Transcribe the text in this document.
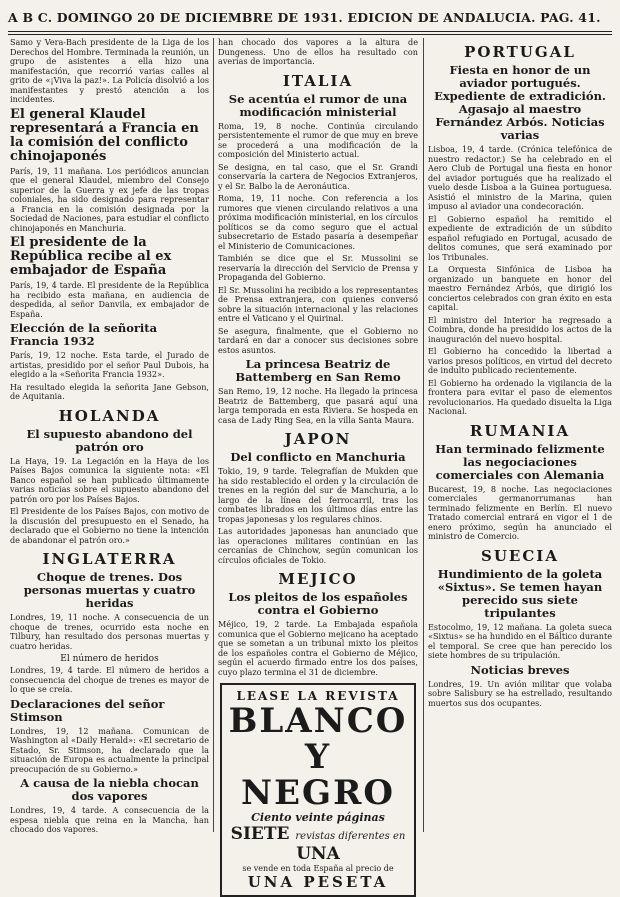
A B C. DOMINGO 20 DE DICIEMBRE DE 1931. EDICION DE ANDALUCIA. PAG. 41.

Samo y Vera-Bach presidente de la Liga de los Derechos del Hombre. Terminada la reunión, un grupo de asistentes a ella hizo una manifestación, que recorrió varias calles al grito de «¡Viva la paz!». La Policía disolvió a los manifestantes y prestó atención a los incidentes.

El general Klaudel representará a Francia en la comisión del conflicto chinojaponés

París, 19, 11 mañana. Los periódicos anuncian que el general Klaudel, miembro del Consejo superior de la Guerra y ex jefe de las tropas coloniales, ha sido designado para representar a Francia en la comisión designada por la Sociedad de Naciones, para estudiar el conflicto chinojaponés en Manchuria.

El presidente de la República recibe al ex embajador de España

París, 19, 4 tarde. El presidente de la República ha recibido esta mañana, en audiencia de despedida, al señor Danvila, ex embajador de España.

Elección de la señorita Francia 1932

París, 19, 12 noche. Esta tarde, el Jurado de artistas, presidido por el señor Paul Dubois, ha elegido a la «Señorita Francia 1932».

Ha resultado elegida la señorita Jane Gebson, de Aquitania.

HOLANDA
El supuesto abandono del patrón oro

La Haya, 19. La Legación en la Haya de los Países Bajos comunica la siguiente nota: «El Banco español se han publicado últimamente varias noticias sobre el supuesto abandono del patrón oro por los Países Bajos.

El Presidente de los Países Bajos, con motivo de la discusión del presupuesto en el Senado, ha declarado que el Gobierno no tiene la intención de abandonar el patrón oro.»

INGLATERRA
Choque de trenes. Dos personas muertas y cuatro heridas

Londres, 19, 11 noche. A consecuencia de un choque de trenes, ocurrido esta noche en Tilbury, han resultado dos personas muertas y cuatro heridas.

El número de heridos

Londres, 19, 4 tarde. El número de heridos a consecuencia del choque de trenes es mayor de lo que se creía.

Declaraciones del señor Stimson

Londres, 19, 12 mañana. Comunican de Washington al «Daily Herald»: «El secretario de Estado, Sr. Stimson, ha declarado que la situación de Europa es actualmente la principal preocupación de su Gobierno.»

A causa de la niebla chocan dos vapores

Londres, 19, 4 tarde. A consecuencia de la espesa niebla que reina en la Mancha, han chocado dos vapores.

han chocado dos vapores a la altura de Dungeness. Uno de ellos ha resultado con averías de importancia.

ITALIA
Se acentúa el rumor de una modificación ministerial

Roma, 19, 8 noche. Continúa circulando persistentemente el rumor de que muy en breve se procederá a una modificación de la composición del Ministerio actual.

Se designa, en tal caso, que el Sr. Grandi conservaría la cartera de Negocios Extranjeros, y el Sr. Balbo la de Aeronáutica.

Roma, 19, 11 noche. Con referencia a los rumores que vienen circulando relativos a una próxima modificación ministerial, en los círculos políticos se da como seguro que el actual subsecretario de Estado pasaría a desempeñar el Ministerio de Comunicaciones.

También se dice que el Sr. Mussolini se reservaría la dirección del Servicio de Prensa y Propaganda del Gobierno.

El Sr. Mussolini ha recibido a los representantes de Prensa extranjera, con quienes conversó sobre la situación internacional y las relaciones entre el Vaticano y el Quirinal.

Se asegura, finalmente, que el Gobierno no tardará en dar a conocer sus decisiones sobre estos asuntos.

La princesa Beatriz de Battemberg en San Remo

San Remo, 19, 12 noche. Ha llegado la princesa Beatriz de Battemberg, que pasará aquí una larga temporada en esta Riviera. Se hospeda en casa de Lady Ring Sea, en la villa Santa Maura.

JAPON
Del conflicto en Manchuria

Tokio, 19, 9 tarde. Telegrafían de Mukden que ha sido restablecido el orden y la circulación de trenes en la región del sur de Manchuria, a lo largo de la línea del ferrocarril, tras los combates librados en los últimos días entre las tropas japonesas y los regulares chinos.

Las autoridades japonesas han anunciado que las operaciones militares continúan en las cercanías de Chinchow, según comunican los círculos oficiales de Tokio.

MEJICO
Los pleitos de los españoles contra el Gobierno

Méjico, 19, 2 tarde. La Embajada española comunica que el Gobierno mejicano ha aceptado que se sometan a un tribunal mixto los pleitos de los españoles contra el Gobierno de Méjico, según el acuerdo firmado entre los dos países, cuyo plazo termina el 31 de diciembre.

LEASE LA REVISTA
BLANCO
Y NEGRO
Ciento veinte páginas
SIETE revistas diferentes en UNA
se vende en toda España al precio de
UNA PESETA
PORTUGAL
Fiesta en honor de un aviador portugués. Expediente de extradición. Agasajo al maestro Fernández Arbós. Noticias varias

Lisboa, 19, 4 tarde. (Crónica telefónica de nuestro redactor.) Se ha celebrado en el Aero Club de Portugal una fiesta en honor del aviador portugués que ha realizado el vuelo desde Lisboa a la Guinea portuguesa. Asistió el ministro de la Marina, quien impuso al aviador una condecoración.

El Gobierno español ha remitido el expediente de extradición de un súbdito español refugiado en Portugal, acusado de delitos comunes, que será examinado por los Tribunales.

La Orquesta Sinfónica de Lisboa ha organizado un banquete en honor del maestro Fernández Arbós, que dirigió los conciertos celebrados con gran éxito en esta capital.

El ministro del Interior ha regresado a Coimbra, donde ha presidido los actos de la inauguración del nuevo hospital.

El Gobierno ha concedido la libertad a varios presos políticos, en virtud del decreto de indulto publicado recientemente.

El Gobierno ha ordenado la vigilancia de la frontera para evitar el paso de elementos revolucionarios. Ha quedado disuelta la Liga Nacional.

RUMANIA
Han terminado felizmente las negociaciones comerciales con Alemania

Bucarest, 19, 8 noche. Las negociaciones comerciales germanorrumanas han terminado felizmente en Berlín. El nuevo Tratado comercial entrará en vigor el 1 de enero próximo, según ha anunciado el ministro de Comercio.

SUECIA
Hundimiento de la goleta «Sixtus». Se temen hayan perecido sus siete tripulantes

Estocolmo, 19, 12 mañana. La goleta sueca «Sixtus» se ha hundido en el Báltico durante el temporal. Se cree que han perecido los siete hombres de su tripulación.

Noticias breves

Londres, 19. Un avión militar que volaba sobre Salisbury se ha estrellado, resultando muertos sus dos ocupantes.
